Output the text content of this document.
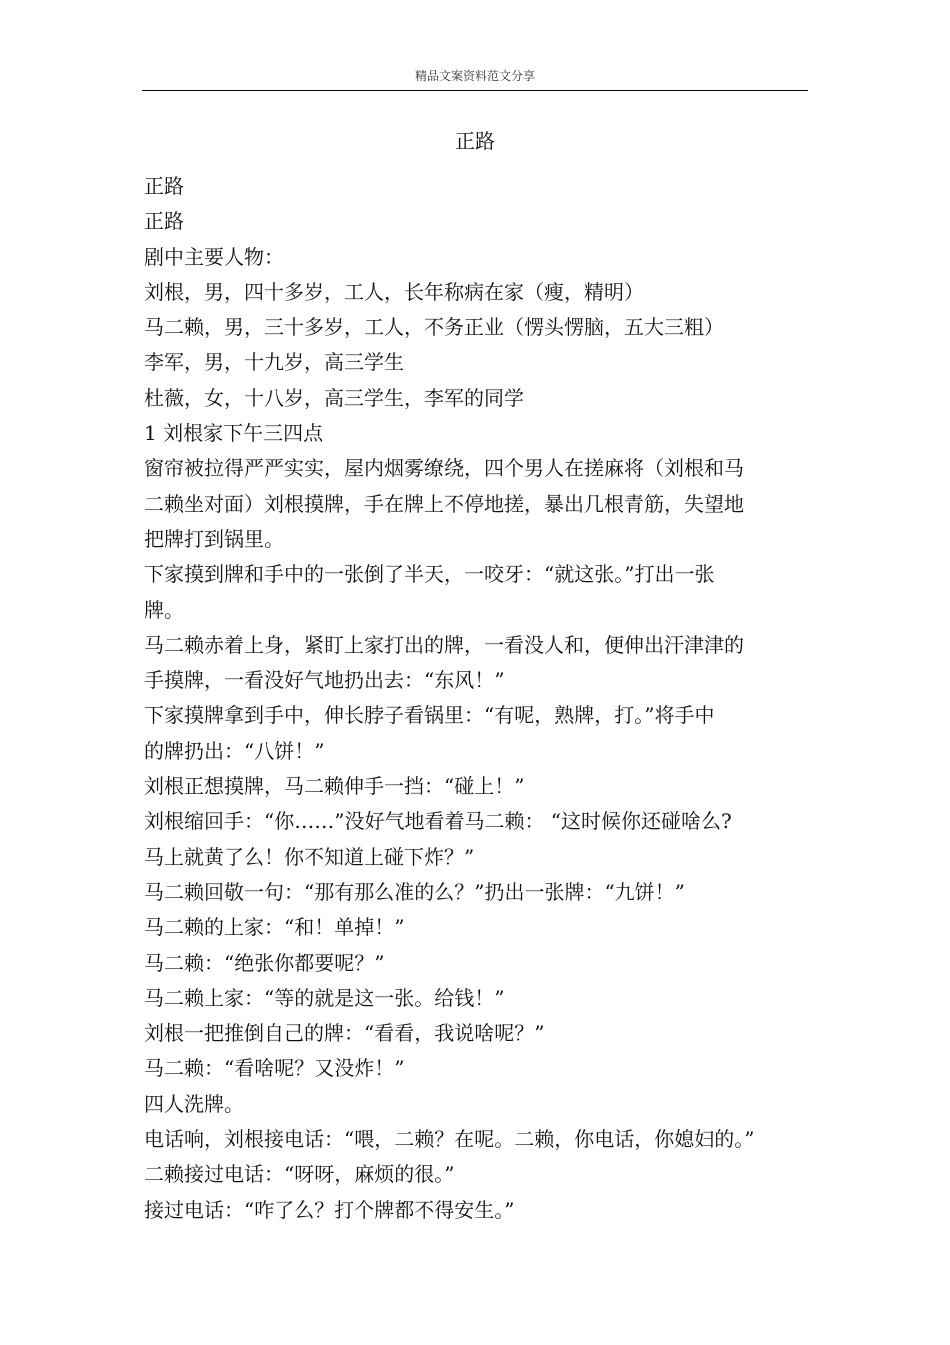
精品文案资料范文分享
正路
正路
正路
剧中主要人物：
刘根，男，四十多岁，工人，长年称病在家（瘦，精明）
马二赖，男，三十多岁，工人，不务正业（愣头愣脑，五大三粗）
李军，男，十九岁，高三学生
杜薇，女，十八岁，高三学生，李军的同学
1 刘根家下午三四点
窗帘被拉得严严实实，屋内烟雾缭绕，四个男人在搓麻将（刘根和马
二赖坐对面）刘根摸牌，手在牌上不停地搓，暴出几根青筋，失望地
把牌打到锅里。
下家摸到牌和手中的一张倒了半天，一咬牙：“就这张。”打出一张
牌。
马二赖赤着上身，紧盯上家打出的牌，一看没人和，便伸出汗津津的
手摸牌，一看没好气地扔出去：“东风！”
下家摸牌拿到手中，伸长脖子看锅里：“有呢，熟牌，打。”将手中
的牌扔出：“八饼！”
刘根正想摸牌，马二赖伸手一挡：“碰上！”
刘根缩回手：“你……”没好气地看着马二赖： “这时候你还碰啥么?
马上就黄了么！你不知道上碰下炸？”
马二赖回敬一句：“那有那么准的么？”扔出一张牌：“九饼！”
马二赖的上家：“和！单掉！”
马二赖：“绝张你都要呢？”
马二赖上家：“等的就是这一张。给钱！”
刘根一把推倒自己的牌：“看看，我说啥呢？”
马二赖：“看啥呢？又没炸！”
四人洗牌。
电话响，刘根接电话：“喂，二赖？在呢。二赖，你电话，你媳妇的。”
二赖接过电话：“呀呀，麻烦的很。”
接过电话：“咋了么？打个牌都不得安生。”
